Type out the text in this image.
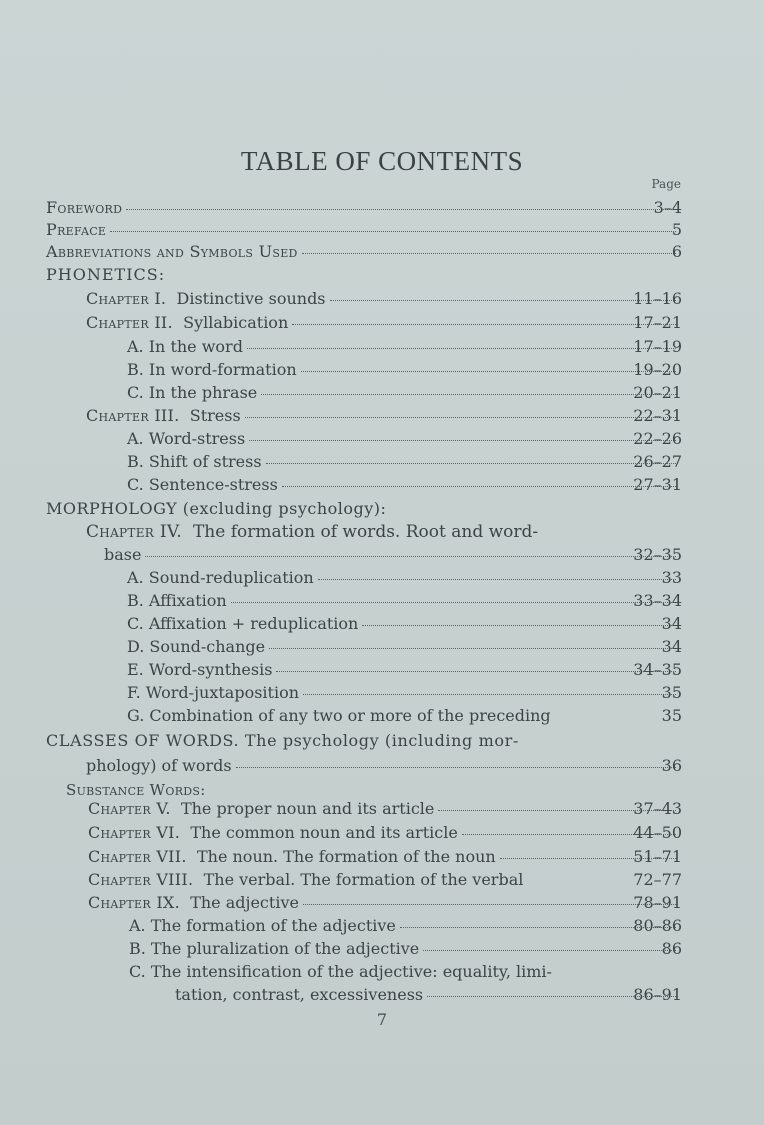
TABLE OF CONTENTS
Page
Foreword	3–4
Preface	5
Abbreviations and Symbols Used	6
PHONETICS:
Chapter I. Distinctive sounds	11–16
Chapter II. Syllabication	17–21
A. In the word	17–19
B. In word-formation	19–20
C. In the phrase	20–21
Chapter III. Stress	22–31
A. Word-stress	22–26
B. Shift of stress	26–27
C. Sentence-stress	27–31
MORPHOLOGY (excluding psychology):
Chapter IV. The formation of words. Root and word-
base	32–35
A. Sound-reduplication	33
B. Affixation	33–34
C. Affixation + reduplication	34
D. Sound-change	34
E. Word-synthesis	34–35
F. Word-juxtaposition	35
G. Combination of any two or more of the preceding	35
CLASSES OF WORDS. The psychology (including mor-
phology) of words	36
Substance Words:
Chapter V. The proper noun and its article	37–43
Chapter VI. The common noun and its article	44–50
Chapter VII. The noun. The formation of the noun	51–71
Chapter VIII. The verbal. The formation of the verbal	72–77
Chapter IX. The adjective	78–91
A. The formation of the adjective	80–86
B. The pluralization of the adjective	86
C. The intensification of the adjective: equality, limi-
tation, contrast, excessiveness	86–91
7
